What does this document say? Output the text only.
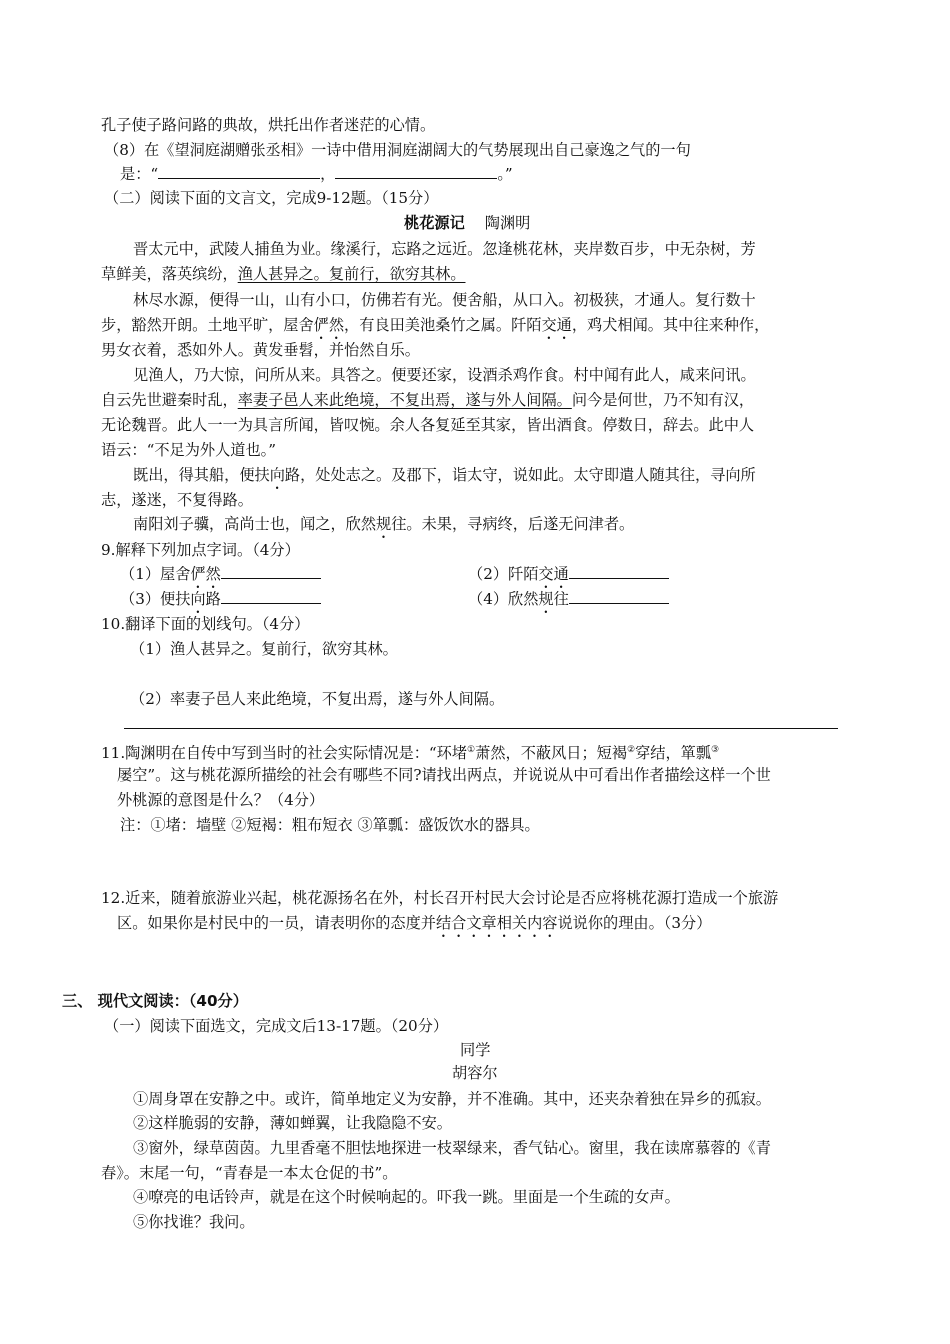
孔子使子路问路的典故，烘托出作者迷茫的心情。

（8）在《望洞庭湖赠张丞相》一诗中借用洞庭湖阔大的气势展现出自己豪逸之气的一句

是：“	，	。”

（二）阅读下面的文言文，完成9-12题。（15分）

桃花源记 陶渊明

晋太元中，武陵人捕鱼为业。缘溪行，忘路之远近。忽逢桃花林，夹岸数百步，中无杂树，芳

草鲜美，落英缤纷，渔人甚异之。复前行，欲穷其林。

林尽水源，便得一山，山有小口，仿佛若有光。便舍船，从口入。初极狭，才通人。复行数十

步，豁然开朗。土地平旷，屋舍俨然，有良田美池桑竹之属。阡陌交通，鸡犬相闻。其中往来种作，

男女衣着，悉如外人。黄发垂髫，并怡然自乐。

见渔人，乃大惊，问所从来。具答之。便要还家，设酒杀鸡作食。村中闻有此人，咸来问讯。

自云先世避秦时乱，率妻子邑人来此绝境，不复出焉，遂与外人间隔。问今是何世，乃不知有汉，

无论魏晋。此人一一为具言所闻，皆叹惋。余人各复延至其家，皆出酒食。停数日，辞去。此中人

语云：“不足为外人道也。”

既出，得其船，便扶向路，处处志之。及郡下，诣太守，说如此。太守即遣人随其往，寻向所

志，遂迷，不复得路。

南阳刘子骥，高尚士也，闻之，欣然规往。未果，寻病终，后遂无问津者。

9.解释下列加点字词。（4分）

（1）屋舍俨然	（2）阡陌交通

（3）便扶向路	（4）欣然规往

10.翻译下面的划线句。（4分）

（1）渔人甚异之。复前行，欲穷其林。

（2）率妻子邑人来此绝境，不复出焉，遂与外人间隔。

11.陶渊明在自传中写到当时的社会实际情况是：“环堵①萧然，不蔽风日；短褐②穿结，箪瓢③

屡空”。这与桃花源所描绘的社会有哪些不同?请找出两点，并说说从中可看出作者描绘这样一个世

外桃源的意图是什么？（4分）

注：①堵：墙壁 ②短褐：粗布短衣 ③箪瓢：盛饭饮水的器具。

12.近来，随着旅游业兴起，桃花源扬名在外，村长召开村民大会讨论是否应将桃花源打造成一个旅游

区。如果你是村民中的一员，请表明你的态度并结合文章相关内容说说你的理由。（3分）

三、 现代文阅读：（40分）

（一）阅读下面选文，完成文后13-17题。（20分）

同学

胡容尔

①周身罩在安静之中。或许，简单地定义为安静，并不准确。其中，还夹杂着独在异乡的孤寂。

②这样脆弱的安静，薄如蝉翼，让我隐隐不安。

③窗外，绿草茵茵。九里香毫不胆怯地探进一枝翠绿来，香气钻心。窗里，我在读席慕蓉的《青

春》。末尾一句，“青春是一本太仓促的书”。

④嘹亮的电话铃声，就是在这个时候响起的。吓我一跳。里面是一个生疏的女声。

⑤你找谁？我问。
